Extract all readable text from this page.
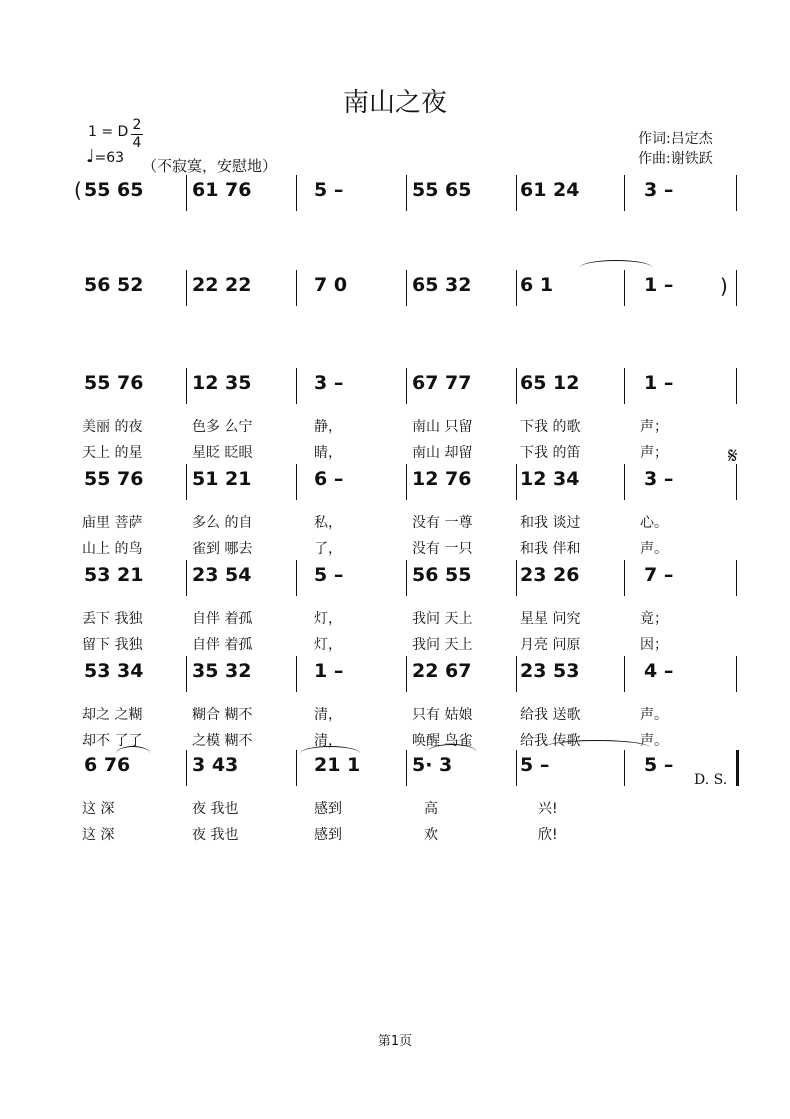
南山之夜
1 = D 2
4
♩=63 （不寂寞，安慰地）
作词:吕定杰
作曲:谢铁跃
第1页
55 65	61 76	5 –	55 65	61 24	3 –
56 52	22 22	7 0	65 32	6 1	1 –
55 76	12 35	3 –	67 77	65 12	1 –
美丽 的夜	色多 么宁	静，	南山 只留	下我 的歌	声；
天上 的星	星眨 眨眼	睛，	南山 却留	下我 的笛	声；
55 76	51 21	6 –	12 76	12 34	3 –
庙里 菩萨	多么 的自	私，	没有 一尊	和我 谈过	心。
山上 的鸟	雀到 哪去	了，	没有 一只	和我 伴和	声。
53 21	23 54	5 –	56 55	23 26	7 –
丢下 我独	自伴 着孤	灯，	我问 天上	星星 问究	竟；
留下 我独	自伴 着孤	灯，	我问 天上	月亮 问原	因；
53 34	35 32	1 –	22 67	23 53	4 –
却之 之糊	糊合 糊不	清，	只有 姑娘	给我 送歌	声。
却不 了了	之模 糊不	清，	唤醒 鸟雀	给我 传歌	声。
6 76	3 43	21 1	5· 3	5 –	5 –
这 深	夜 我也	感到	高	兴!
这 深	夜 我也	感到	欢	欣!
(
)
𝄋
D. S.
